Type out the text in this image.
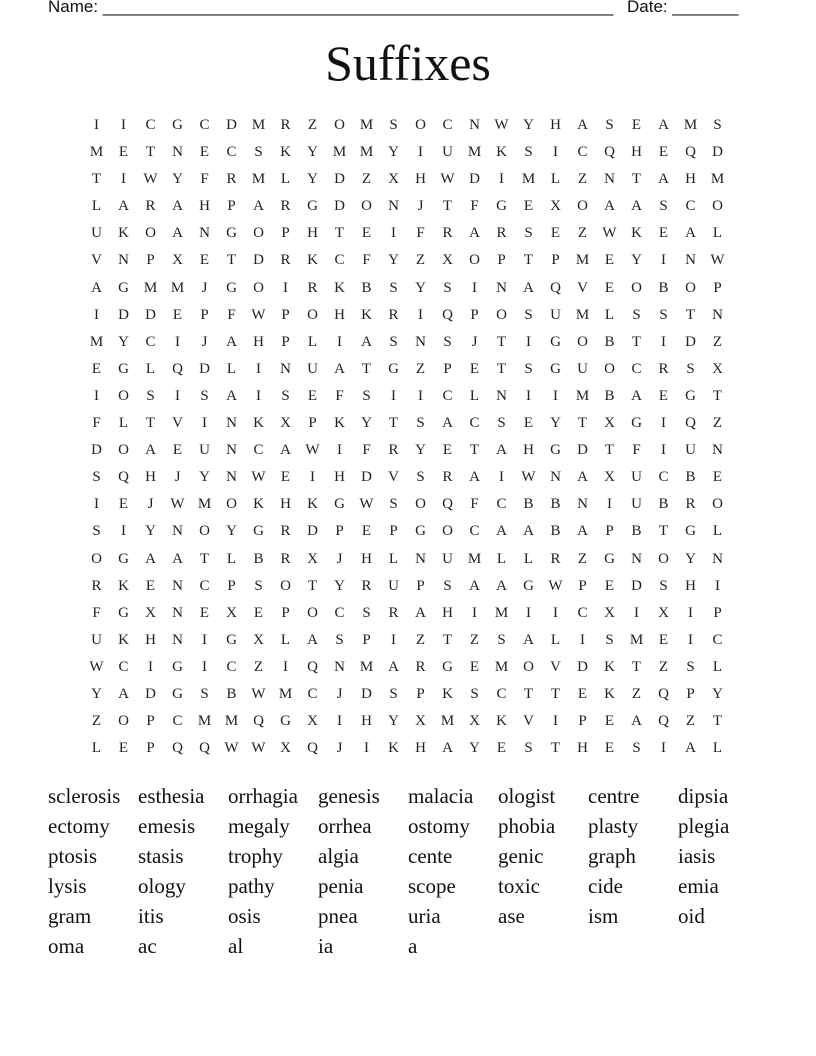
Name: ______________________________________________________ Date: _______
Suffixes
I	I	C	G	C	D M	R	Z	O M	S	O	C	N W Y	H	A	S	E	A M	S
M	E	T	N	E	C	S	K	Y M M Y	I	U M K	S	I	C	Q	H	E	Q	D
T	I	W Y	F	R	M	L	Y	D	Z	X	H W D	I	M	L	Z	N	T	A	H M
L	A	R	A	H	P	A	R	G	D	O	N	J	T	F	G	E	X	O	A	A	S	C	O
U	K	O	A	N	G	O	P	H	T	E	I	F	R	A	R	S	E	Z	W K	E	A	L
V	N	P	X	E	T	D	R	K	C	F	Y	Z	X	O	P	T	P	M	E	Y	I	N W
A	G M M	J	G	O	I	R	K	B	S	Y	S	I	N	A	Q	V	E	O	B	O	P
I	D	D	E	P	F	W	P	O	H	K	R	I	Q	P	O	S	U M	L	S	S	T	N
M Y	C	I	J	A	H	P	L	I	A	S	N	S	J	T	I	G	O	B	T	I	D	Z
E	G	L	Q	D	L	I	N	U	A	T	G	Z	P	E	T	S	G	U	O	C	R	S	X
I	O	S	I	S	A	I	S	E	F	S	I	I	C	L	N	I	I	M	B	A	E	G	T
F	L	T	V	I	N	K	X	P	K	Y	T	S	A	C	S	E	Y	T	X	G	I	Q	Z
D	O	A	E	U	N	C	A W	I	F	R	Y	E	T	A	H	G	D	T	F	I	U	N
S	Q	H	J	Y	N W	E	I	H	D	V	S	R	A	I	W N	A	X	U	C	B	E
I	E	J	W M O	K	H	K	G W	S	O	Q	F	C	B	B	N	I	U	B	R	O
S	I	Y	N	O	Y	G	R	D	P	E	P	G	O	C	A	A	B	A	P	B	T	G	L
O	G	A	A	T	L	B	R	X	J	H	L	N	U M	L	L	R	Z	G	N	O	Y	N
R	K	E	N	C	P	S	O	T	Y	R	U	P	S	A	A	G W	P	E	D	S	H	I
F	G	X	N	E	X	E	P	O	C	S	R	A	H	I	M	I	I	C	X	I	X	I	P
U	K	H	N	I	G	X	L	A	S	P	I	Z	T	Z	S	A	L	I	S	M	E	I	C
W C	I	G	I	C	Z	I	Q	N M A	R	G	E	M O	V	D	K	T	Z	S	L
Y	A	D	G	S	B W M	C	J	D	S	P	K	S	C	T	T	E	K	Z	Q	P	Y
Z	O	P	C	M M Q	G	X	I	H	Y	X M X	K	V	I	P	E	A	Q	Z	T
L	E	P	Q	Q W W X	Q	J	I	K	H	A	Y	E	S	T	H	E	S	I	A	L
sclerosis esthesia	orrhagia genesis	malacia	ologist	centre	dipsia
ectomy	emesis	megaly	orrhea	ostomy	phobia	plasty	plegia
ptosis	stasis	trophy	algia	cente	genic	graph	iasis
lysis	ology	pathy	penia	scope	toxic	cide	emia
gram	itis	osis	pnea	uria	ase	ism	oid
oma	ac	al	ia	a
